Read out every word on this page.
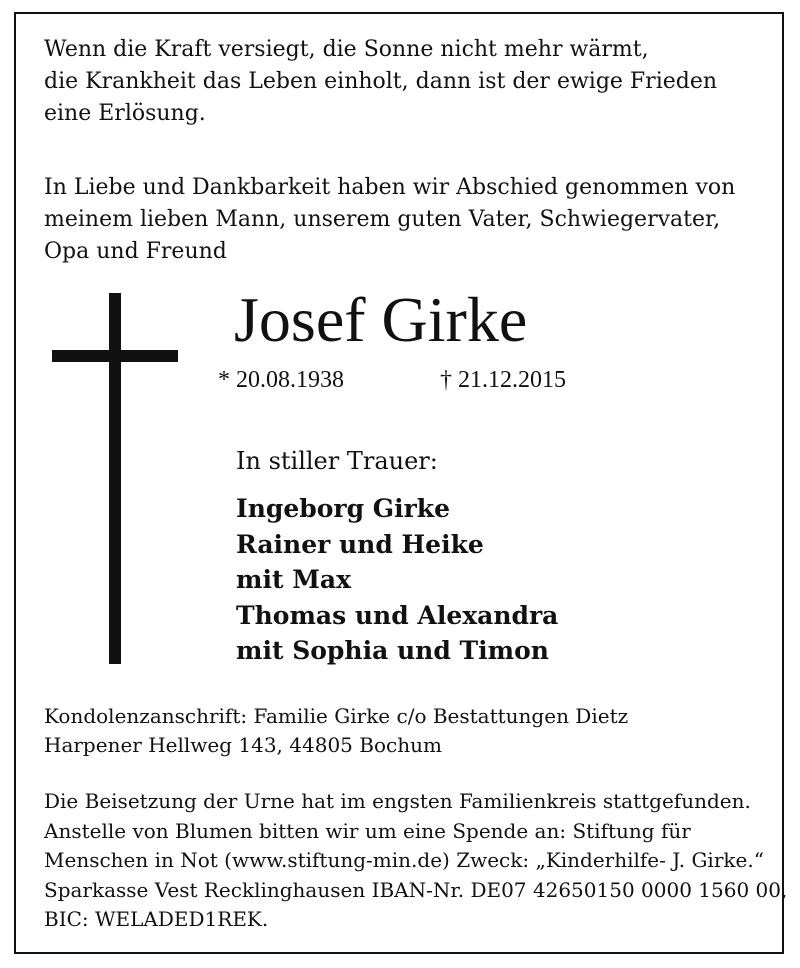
Wenn die Kraft versiegt, die Sonne nicht mehr wärmt,
die Krankheit das Leben einholt, dann ist der ewige Frieden
eine Erlösung.

In Liebe und Dankbarkeit haben wir Abschied genommen von
meinem lieben Mann, unserem guten Vater, Schwiegervater,
Opa und Freund

Josef Girke
* 20.08.1938	† 21.12.2015
In stiller Trauer:
Ingeborg Girke
Rainer und Heike
mit Max
Thomas und Alexandra
mit Sophia und Timon

Kondolenzanschrift: Familie Girke c/o Bestattungen Dietz
Harpener Hellweg 143, 44805 Bochum

Die Beisetzung der Urne hat im engsten Familienkreis stattgefunden.
Anstelle von Blumen bitten wir um eine Spende an: Stiftung für
Menschen in Not (www.stiftung-min.de) Zweck: „Kinderhilfe- J. Girke.“
Sparkasse Vest Recklinghausen IBAN-Nr. DE07 42650150 0000 1560 00,
BIC: WELADED1REK.
